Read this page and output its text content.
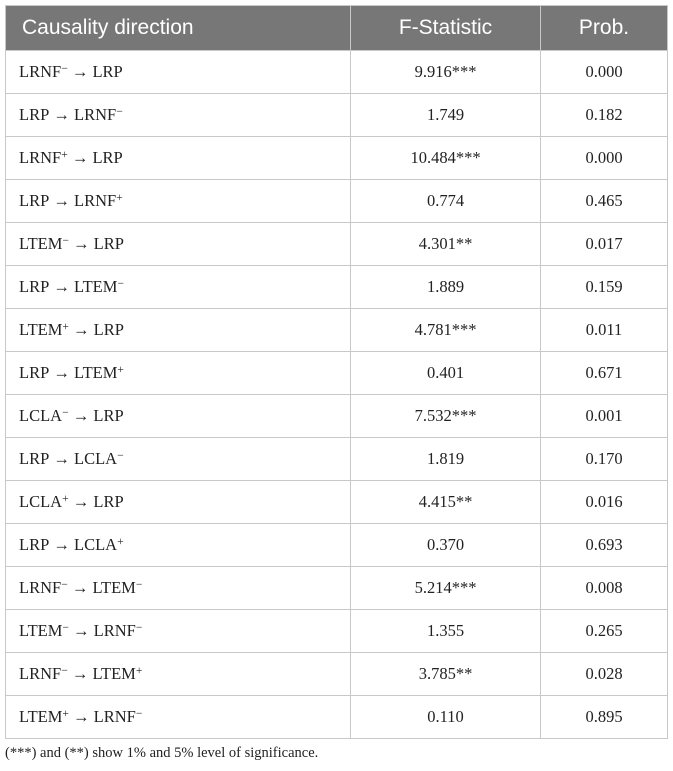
Causality direction	F-Statistic	Prob.
LRNF− → LRP	9.916***	0.000
LRP → LRNF−	1.749	0.182
LRNF+ → LRP	10.484***	0.000
LRP → LRNF+	0.774	0.465
LTEM− → LRP	4.301**	0.017
LRP → LTEM−	1.889	0.159
LTEM+ → LRP	4.781***	0.011
LRP → LTEM+	0.401	0.671
LCLA− → LRP	7.532***	0.001
LRP → LCLA−	1.819	0.170
LCLA+ → LRP	4.415**	0.016
LRP → LCLA+	0.370	0.693
LRNF− → LTEM−	5.214***	0.008
LTEM− → LRNF−	1.355	0.265
LRNF− → LTEM+	3.785**	0.028
LTEM+ → LRNF−	0.110	0.895
(***) and (**) show 1% and 5% level of significance.
